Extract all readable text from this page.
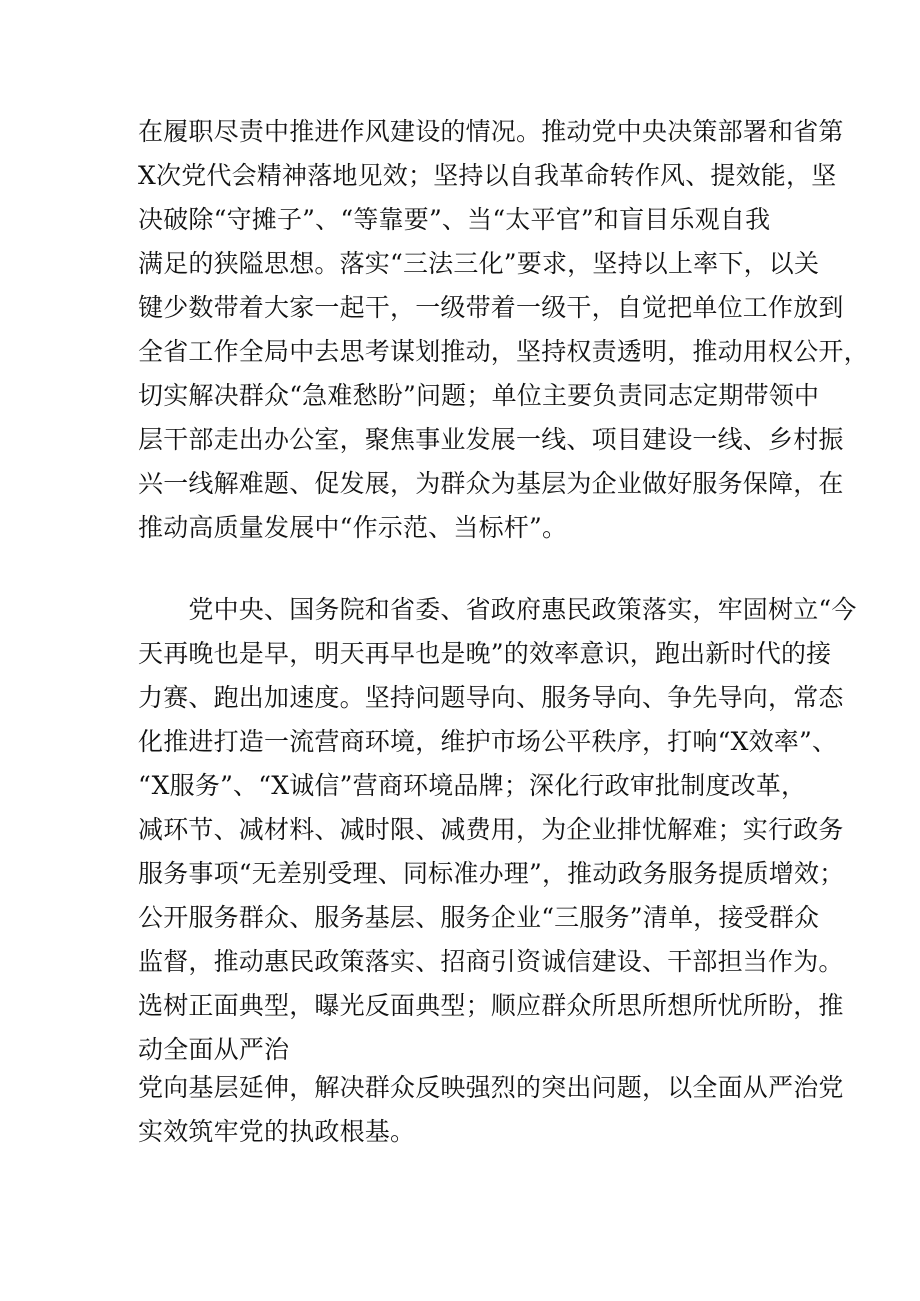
在履职尽责中推进作风建设的情况。推动党中央决策部署和省第
X次党代会精神落地见效；坚持以自我革命转作风、提效能，坚
决破除“守摊子”、“等靠要”、当“太平官”和盲目乐观自我
满足的狭隘思想。落实“三法三化”要求，坚持以上率下，以关
键少数带着大家一起干，一级带着一级干，自觉把单位工作放到
全省工作全局中去思考谋划推动，坚持权责透明，推动用权公开，
切实解决群众“急难愁盼”问题；单位主要负责同志定期带领中
层干部走出办公室，聚焦事业发展一线、项目建设一线、乡村振
兴一线解难题、促发展，为群众为基层为企业做好服务保障，在
推动高质量发展中“作示范、当标杆”。
　　党中央、国务院和省委、省政府惠民政策落实，牢固树立“今
天再晚也是早，明天再早也是晚”的效率意识，跑出新时代的接
力赛、跑出加速度。坚持问题导向、服务导向、争先导向，常态
化推进打造一流营商环境，维护市场公平秩序，打响“X效率”、
“X服务”、“X诚信”营商环境品牌；深化行政审批制度改革，
减环节、减材料、减时限、减费用，为企业排忧解难；实行政务
服务事项“无差别受理、同标准办理”，推动政务服务提质增效；
公开服务群众、服务基层、服务企业“三服务”清单，接受群众
监督，推动惠民政策落实、招商引资诚信建设、干部担当作为。
选树正面典型，曝光反面典型；顺应群众所思所想所忧所盼，推
动全面从严治
党向基层延伸，解决群众反映强烈的突出问题，以全面从严治党
实效筑牢党的执政根基。
